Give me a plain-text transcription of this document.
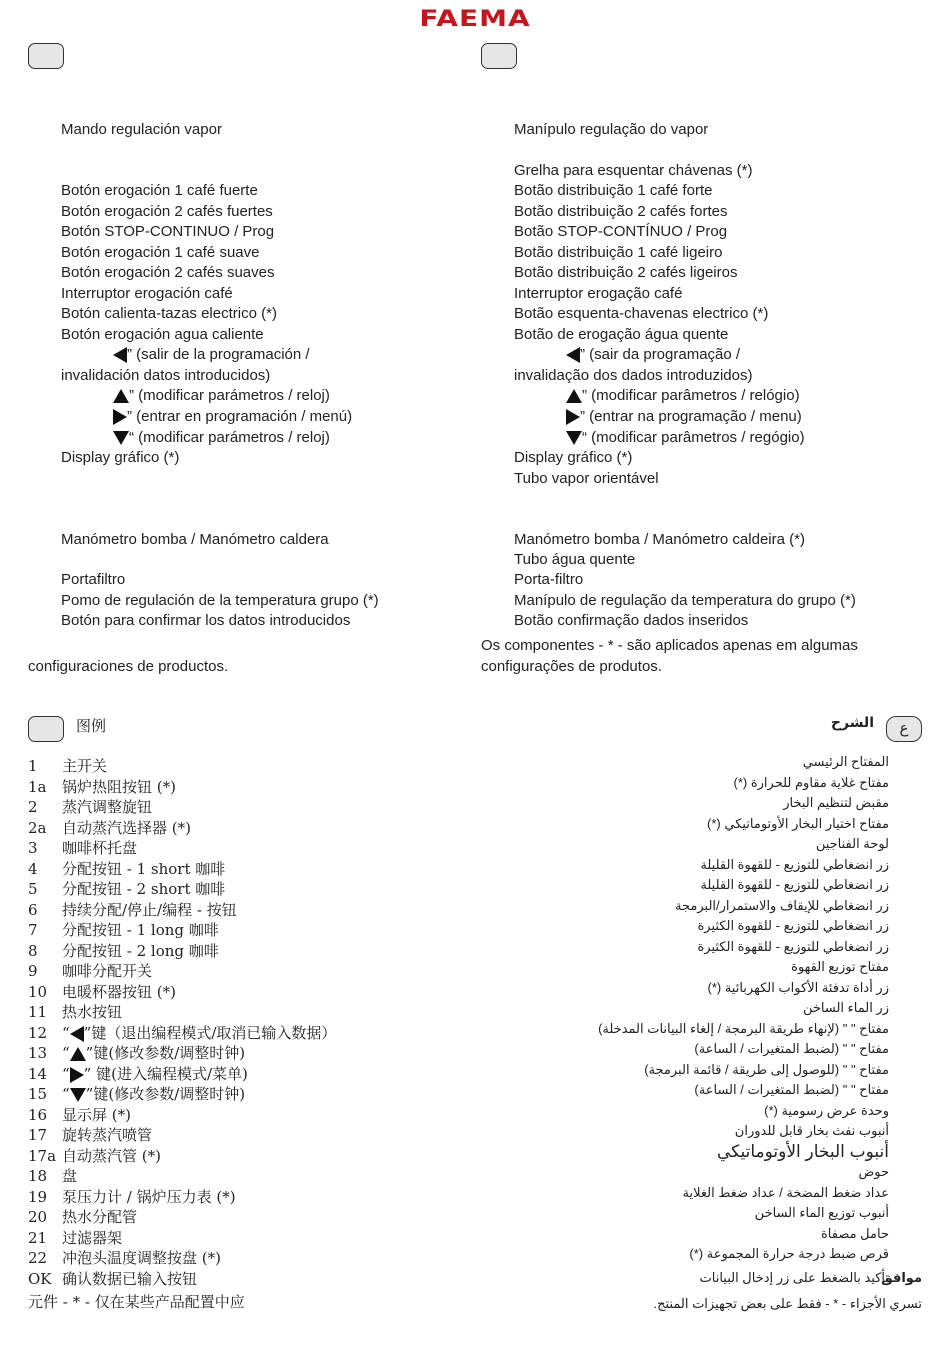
FAEMA
” (salir de la programación /
invalidación datos introducidos)
” (modificar parámetros / reloj)
” (entrar en programación / menú)
“ (modificar parámetros / reloj)
Display gráfico (*)
Manómetro bomba / Manómetro caldera
Portafiltro
Pomo de regulación de la temperatura grupo (*)
Botón para confirmar los datos introducidos
Mando regulación vapor
Botón erogación 1 café fuerte
Botón erogación 2 cafés fuertes
Botón STOP-CONTINUO / Prog
Botón erogación 1 café suave
Botón erogación 2 cafés suaves
Interruptor erogación café
Botón calienta-tazas electrico (*)
Botón erogación agua caliente
configuraciones de productos.
” (sair da programação /
invalidação dos dados introduzidos)
” (modificar parâmetros / relógio)
” (entrar na programação / menu)
“ (modificar parâmetros / regógio)
Display gráfico (*)
Tubo vapor orientável
Manómetro bomba / Manómetro caldeira (*)
Tubo água quente
Porta-filtro
Manípulo de regulação da temperatura do grupo (*)
Botão confirmação dados inseridos
Manípulo regulação do vapor
Grelha para esquentar chávenas (*)
Botão distribuição 1 café forte
Botão distribuição 2 cafés fortes
Botão STOP-CONTÍNUO / Prog
Botão distribuição 1 café ligeiro
Botão distribuição 2 cafés ligeiros
Interruptor erogação café
Botão esquenta-chavenas electrico (*)
Botão de erogação água quente
Os componentes - * - são aplicados apenas em algumas
configurações de produtos.
图例
1	主开关
1a	锅炉热阻按钮 (*)
2	蒸汽调整旋钮
2a	自动蒸汽选择器 (*)
3	咖啡杯托盘
4	分配按钮 - 1 short 咖啡
5	分配按钮 - 2 short 咖啡
6	持续分配/停止/编程 - 按钮
7	分配按钮 - 1 long 咖啡
8	分配按钮 - 2 long 咖啡
9	咖啡分配开关
10 电暖杯器按钮 (*)
11 热水按钮
12 “ ”键（退出编程模式/取消已输入数据）
13 “ ”键(修改参数/调整时钟)
14 “ ” 键(进入编程模式/菜单)
15 “ ”键(修改参数/调整时钟)
16 显示屏 (*)
17 旋转蒸汽喷管
17a 自动蒸汽管 (*)
18 盘
19 泵压力计 / 锅炉压力表 (*)
20 热水分配管
21 过滤器架
22 冲泡头温度调整按盘 (*)
OK 确认数据已输入按钮
元件 - * - 仅在某些产品配置中应
ع
الشرح
المفتاح الرئيسي
مفتاح غلاية مقاوم للحرارة (*)
مقبض لتنظيم البخار
مفتاح اختيار البخار الأوتوماتيكي (*)
لوحة الفناجين
زر انضغاطي للتوزيع - للقهوة القليلة
زر انضغاطي للتوزيع - للقهوة القليلة
زر انضغاطي للإيقاف والاستمرار/البرمجة
زر انضغاطي للتوزيع - للقهوة الكثيرة
زر انضغاطي للتوزيع - للقهوة الكثيرة
مفتاح توزيع القهوة
زر أداة تدفئة الأكواب الكهربائية (*)
زر الماء الساخن
مفتاح " " (لإنهاء طريقة البرمجة / إلغاء البيانات المدخلة)
مفتاح " " (لضبط المتغيرات / الساعة)
مفتاح " " (للوصول إلى طريقة / قائمة البرمجة)
مفتاح " " (لضبط المتغيرات / الساعة)
وحدة عرض رسومية (*)
أنبوب نفث بخار قابل للدوران
أنبوب البخار الأوتوماتيكي
حوض
عداد ضغط المضخة / عداد ضغط الغلاية
أنبوب توزيع الماء الساخن
حامل مصفاة
قرص ضبط درجة حرارة المجموعة (*)
موافق
تأكيد بالضغط على زر إدخال البيانات
تسري الأجزاء - * - فقط على بعض تجهيزات المنتج.
